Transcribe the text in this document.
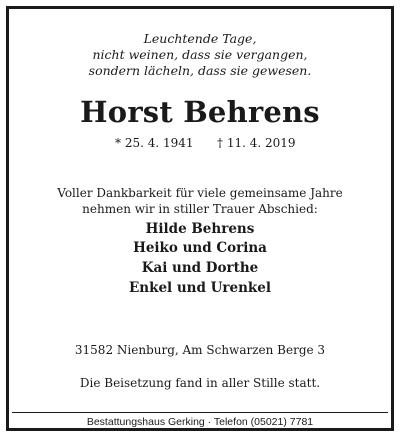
Leuchtende Tage,
nicht weinen, dass sie vergangen,
sondern lächeln, dass sie gewesen.
Horst Behrens
* 25. 4. 1941 † 11. 4. 2019
Voller Dankbarkeit für viele gemeinsame Jahre
nehmen wir in stiller Trauer Abschied:
Hilde Behrens
Heiko und Corina
Kai und Dorthe
Enkel und Urenkel
31582 Nienburg, Am Schwarzen Berge 3
Die Beisetzung fand in aller Stille statt.
Bestattungshaus Gerking · Telefon (05021) 7781
